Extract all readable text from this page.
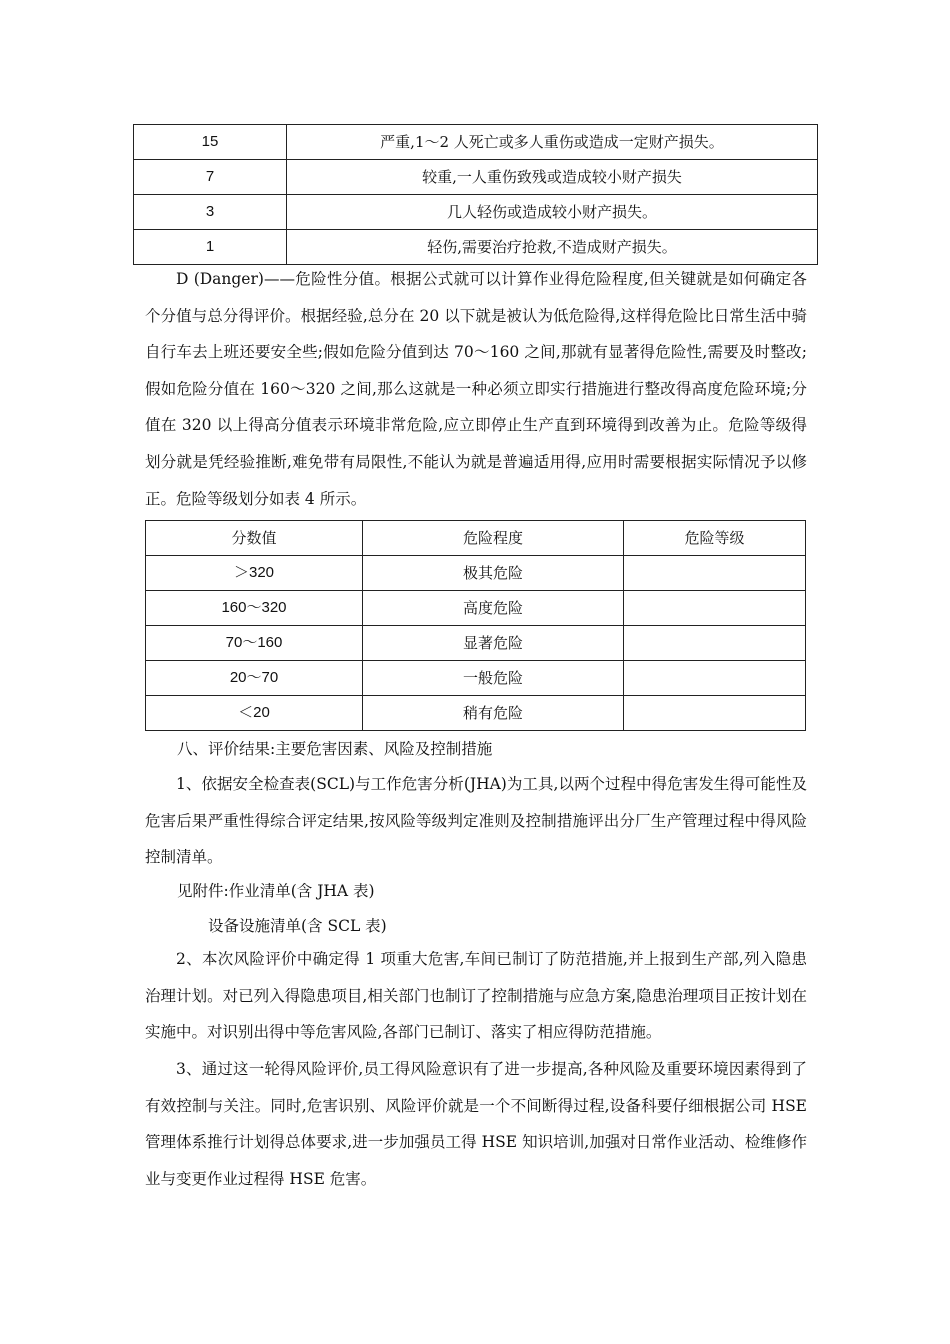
15	严重,1～2 人死亡或多人重伤或造成一定财产损失。
7	较重,一人重伤致残或造成较小财产损失
3	几人轻伤或造成较小财产损失。
1	轻伤,需要治疗抢救,不造成财产损失。

D (Danger)——危险性分值。根据公式就可以计算作业得危险程度,但关键就是如何确定各个分值与总分得评价。根据经验,总分在 20 以下就是被认为低危险得,这样得危险比日常生活中骑自行车去上班还要安全些;假如危险分值到达 70～160 之间,那就有显著得危险性,需要及时整改;假如危险分值在 160～320 之间,那么这就是一种必须立即实行措施进行整改得高度危险环境;分值在 320 以上得高分值表示环境非常危险,应立即停止生产直到环境得到改善为止。危险等级得划分就是凭经验推断,难免带有局限性,不能认为就是普遍适用得,应用时需要根据实际情况予以修正。危险等级划分如表 4 所示。

分数值	危险程度	危险等级
＞320	极其危险	
160～320	高度危险	
70～160	显著危险	
20～70	一般危险	
＜20	稍有危险	

八、评价结果:主要危害因素、风险及控制措施

1、依据安全检查表(SCL)与工作危害分析(JHA)为工具,以两个过程中得危害发生得可能性及危害后果严重性得综合评定结果,按风险等级判定准则及控制措施评出分厂生产管理过程中得风险控制清单。

见附件:作业清单(含 JHA 表)

设备设施清单(含 SCL 表)

2、本次风险评价中确定得 1 项重大危害,车间已制订了防范措施,并上报到生产部,列入隐患治理计划。对已列入得隐患项目,相关部门也制订了控制措施与应急方案,隐患治理项目正按计划在实施中。对识别出得中等危害风险,各部门已制订、落实了相应得防范措施。

3、通过这一轮得风险评价,员工得风险意识有了进一步提高,各种风险及重要环境因素得到了有效控制与关注。同时,危害识别、风险评价就是一个不间断得过程,设备科要仔细根据公司 HSE 管理体系推行计划得总体要求,进一步加强员工得 HSE 知识培训,加强对日常作业活动、检维修作业与变更作业过程得 HSE 危害。
